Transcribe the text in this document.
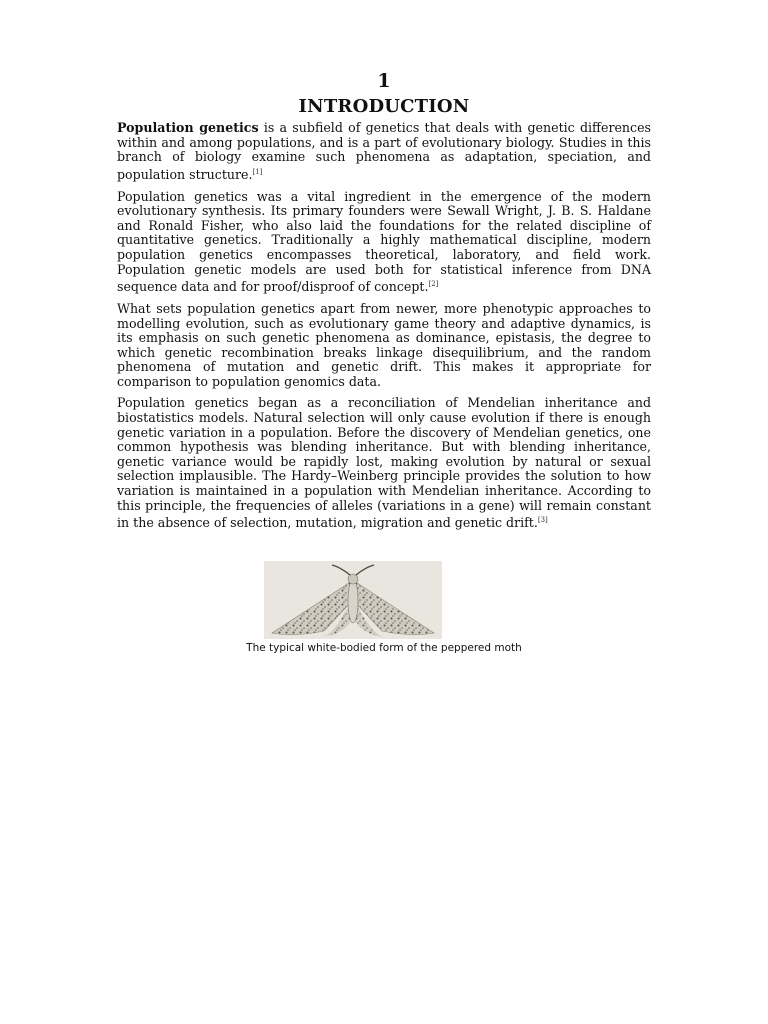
1
INTRODUCTION

Population genetics is a subfield of genetics that deals with genetic differences within and among populations, and is a part of evolutionary biology. Studies in this branch of biology examine such phenomena as adaptation, speciation, and population structure.[1]

Population genetics was a vital ingredient in the emergence of the modern evolutionary synthesis. Its primary founders were Sewall Wright, J. B. S. Haldane and Ronald Fisher, who also laid the foundations for the related discipline of quantitative genetics. Traditionally a highly mathematical discipline, modern population genetics encompasses theoretical, laboratory, and field work. Population genetic models are used both for statistical inference from DNA sequence data and for proof/disproof of concept.[2]

What sets population genetics apart from newer, more phenotypic approaches to modelling evolution, such as evolutionary game theory and adaptive dynamics, is its emphasis on such genetic phenomena as dominance, epistasis, the degree to which genetic recombination breaks linkage disequilibrium, and the random phenomena of mutation and genetic drift. This makes it appropriate for comparison to population genomics data.

Population genetics began as a reconciliation of Mendelian inheritance and biostatistics models. Natural selection will only cause evolution if there is enough genetic variation in a population. Before the discovery of Mendelian genetics, one common hypothesis was blending inheritance. But with blending inheritance, genetic variance would be rapidly lost, making evolution by natural or sexual selection implausible. The Hardy–Weinberg principle provides the solution to how variation is maintained in a population with Mendelian inheritance. According to this principle, the frequencies of alleles (variations in a gene) will remain constant in the absence of selection, mutation, migration and genetic drift.[3]

The typical white-bodied form of the peppered moth
